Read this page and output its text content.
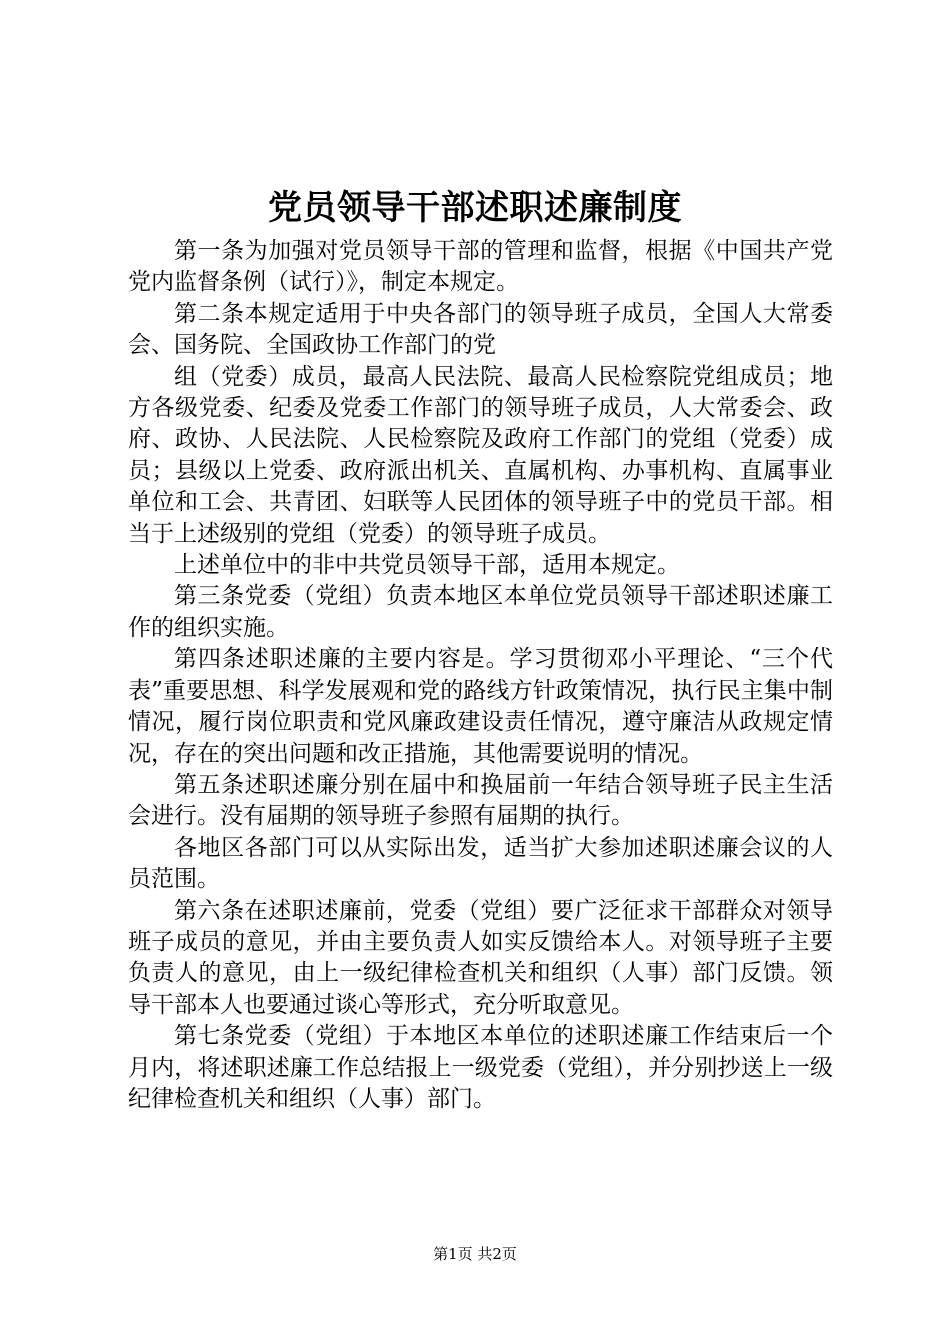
党员领导干部述职述廉制度

第一条为加强对党员领导干部的管理和监督，根据《中国共产党党内监督条例（试行）》，制定本规定。

第二条本规定适用于中央各部门的领导班子成员，全国人大常委会、国务院、全国政协工作部门的党

组（党委）成员，最高人民法院、最高人民检察院党组成员；地方各级党委、纪委及党委工作部门的领导班子成员，人大常委会、政府、政协、人民法院、人民检察院及政府工作部门的党组（党委）成员；县级以上党委、政府派出机关、直属机构、办事机构、直属事业单位和工会、共青团、妇联等人民团体的领导班子中的党员干部。相当于上述级别的党组（党委）的领导班子成员。

上述单位中的非中共党员领导干部，适用本规定。

第三条党委（党组）负责本地区本单位党员领导干部述职述廉工作的组织实施。

第四条述职述廉的主要内容是。学习贯彻邓小平理论、“三个代表”重要思想、科学发展观和党的路线方针政策情况，执行民主集中制情况，履行岗位职责和党风廉政建设责任情况，遵守廉洁从政规定情况，存在的突出问题和改正措施，其他需要说明的情况。

第五条述职述廉分别在届中和换届前一年结合领导班子民主生活会进行。没有届期的领导班子参照有届期的执行。

各地区各部门可以从实际出发，适当扩大参加述职述廉会议的人员范围。

第六条在述职述廉前，党委（党组）要广泛征求干部群众对领导班子成员的意见，并由主要负责人如实反馈给本人。对领导班子主要负责人的意见，由上一级纪律检查机关和组织（人事）部门反馈。领导干部本人也要通过谈心等形式，充分听取意见。

第七条党委（党组）于本地区本单位的述职述廉工作结束后一个月内，将述职述廉工作总结报上一级党委（党组），并分别抄送上一级纪律检查机关和组织（人事）部门。

第1页 共2页
